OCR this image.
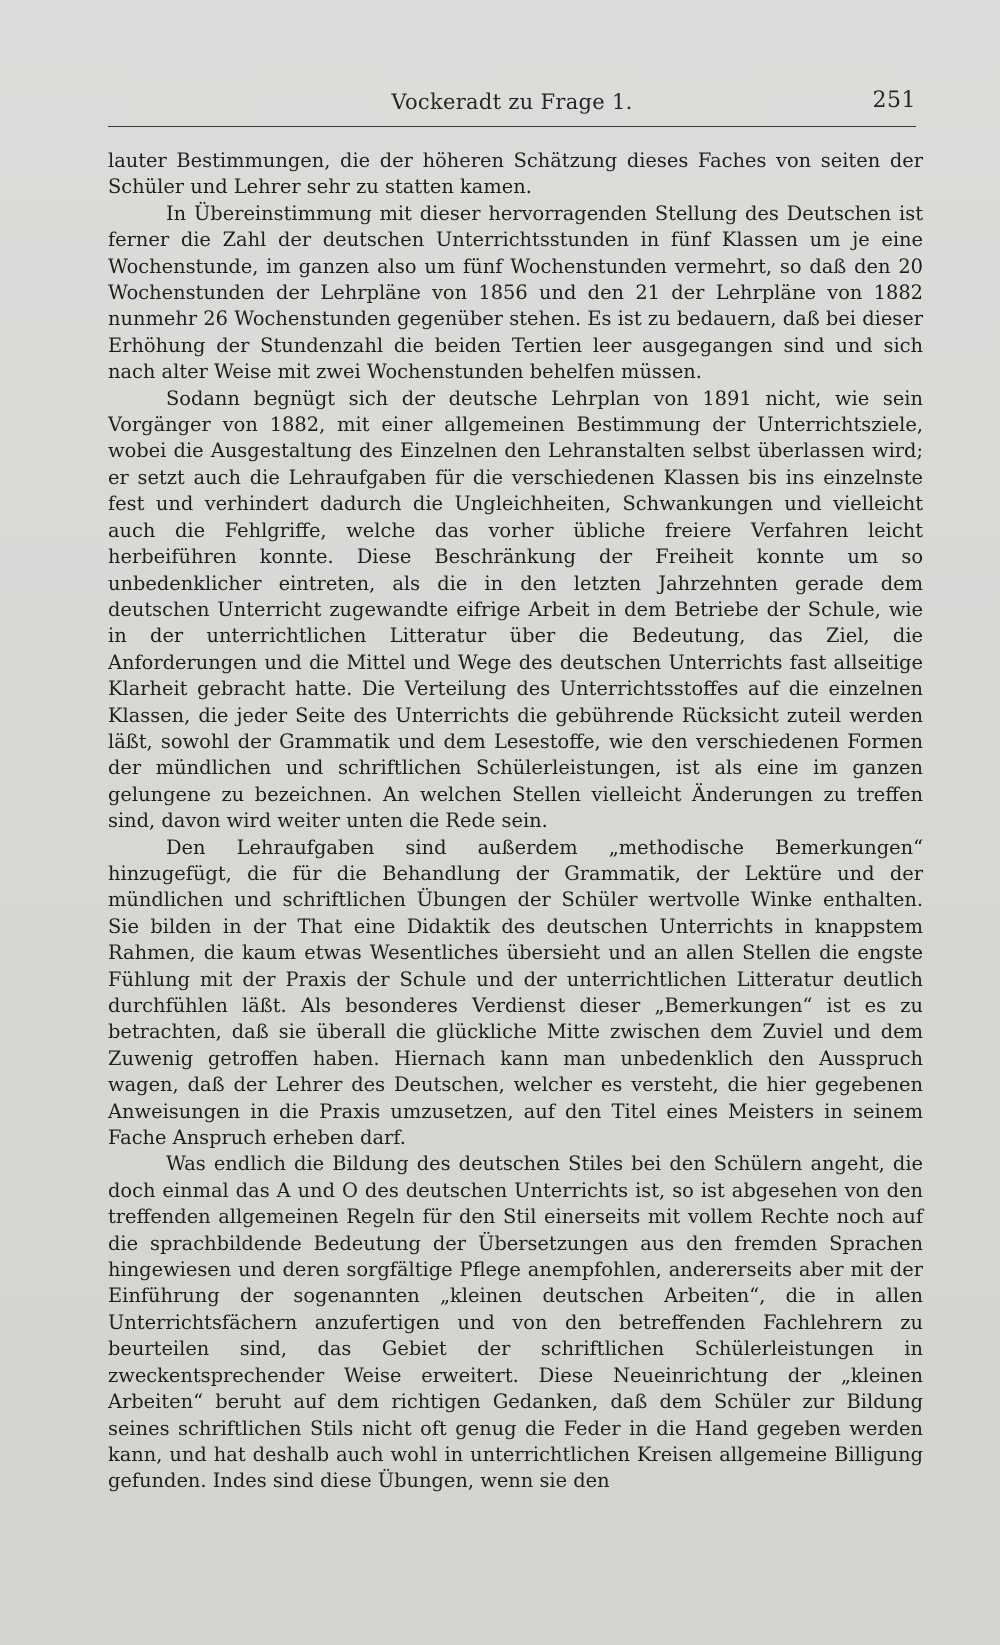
Vockeradt zu Frage 1.	251

lauter Bestimmungen, die der höheren Schätzung dieses Faches von seiten der Schüler und Lehrer sehr zu statten kamen.

In Übereinstimmung mit dieser hervorragenden Stellung des Deutschen ist ferner die Zahl der deutschen Unterrichtsstunden in fünf Klassen um je eine Wochenstunde, im ganzen also um fünf Wochenstunden vermehrt, so daß den 20 Wochenstunden der Lehrpläne von 1856 und den 21 der Lehrpläne von 1882 nunmehr 26 Wochenstunden gegenüber stehen. Es ist zu bedauern, daß bei dieser Erhöhung der Stundenzahl die beiden Tertien leer ausgegangen sind und sich nach alter Weise mit zwei Wochenstunden behelfen müssen.

Sodann begnügt sich der deutsche Lehrplan von 1891 nicht, wie sein Vorgänger von 1882, mit einer allgemeinen Bestimmung der Unterrichtsziele, wobei die Ausgestaltung des Einzelnen den Lehranstalten selbst überlassen wird; er setzt auch die Lehraufgaben für die verschiedenen Klassen bis ins einzelnste fest und verhindert dadurch die Ungleichheiten, Schwankungen und vielleicht auch die Fehlgriffe, welche das vorher übliche freiere Verfahren leicht herbeiführen konnte. Diese Beschränkung der Freiheit konnte um so unbedenklicher eintreten, als die in den letzten Jahrzehnten gerade dem deutschen Unterricht zugewandte eifrige Arbeit in dem Betriebe der Schule, wie in der unterrichtlichen Litteratur über die Bedeutung, das Ziel, die Anforderungen und die Mittel und Wege des deutschen Unterrichts fast allseitige Klarheit gebracht hatte. Die Verteilung des Unterrichtsstoffes auf die einzelnen Klassen, die jeder Seite des Unterrichts die gebührende Rücksicht zuteil werden läßt, sowohl der Grammatik und dem Lesestoffe, wie den verschiedenen Formen der mündlichen und schriftlichen Schülerleistungen, ist als eine im ganzen gelungene zu bezeichnen. An welchen Stellen vielleicht Änderungen zu treffen sind, davon wird weiter unten die Rede sein.

Den Lehraufgaben sind außerdem „methodische Bemerkungen“ hinzugefügt, die für die Behandlung der Grammatik, der Lektüre und der mündlichen und schriftlichen Übungen der Schüler wertvolle Winke enthalten. Sie bilden in der That eine Didaktik des deutschen Unterrichts in knappstem Rahmen, die kaum etwas Wesentliches übersieht und an allen Stellen die engste Fühlung mit der Praxis der Schule und der unterrichtlichen Litteratur deutlich durchfühlen läßt. Als besonderes Verdienst dieser „Bemerkungen“ ist es zu betrachten, daß sie überall die glückliche Mitte zwischen dem Zuviel und dem Zuwenig getroffen haben. Hiernach kann man unbedenklich den Ausspruch wagen, daß der Lehrer des Deutschen, welcher es versteht, die hier gegebenen Anweisungen in die Praxis umzusetzen, auf den Titel eines Meisters in seinem Fache Anspruch erheben darf.

Was endlich die Bildung des deutschen Stiles bei den Schülern angeht, die doch einmal das A und O des deutschen Unterrichts ist, so ist abgesehen von den treffenden allgemeinen Regeln für den Stil einerseits mit vollem Rechte noch auf die sprachbildende Bedeutung der Übersetzungen aus den fremden Sprachen hingewiesen und deren sorgfältige Pflege anempfohlen, andererseits aber mit der Einführung der sogenannten „kleinen deutschen Arbeiten“, die in allen Unterrichtsfächern anzufertigen und von den betreffenden Fachlehrern zu beurteilen sind, das Gebiet der schriftlichen Schülerleistungen in zweckentsprechender Weise erweitert. Diese Neueinrichtung der „kleinen Arbeiten“ beruht auf dem richtigen Gedanken, daß dem Schüler zur Bildung seines schriftlichen Stils nicht oft genug die Feder in die Hand gegeben werden kann, und hat deshalb auch wohl in unterrichtlichen Kreisen allgemeine Billigung gefunden. Indes sind diese Übungen, wenn sie den
